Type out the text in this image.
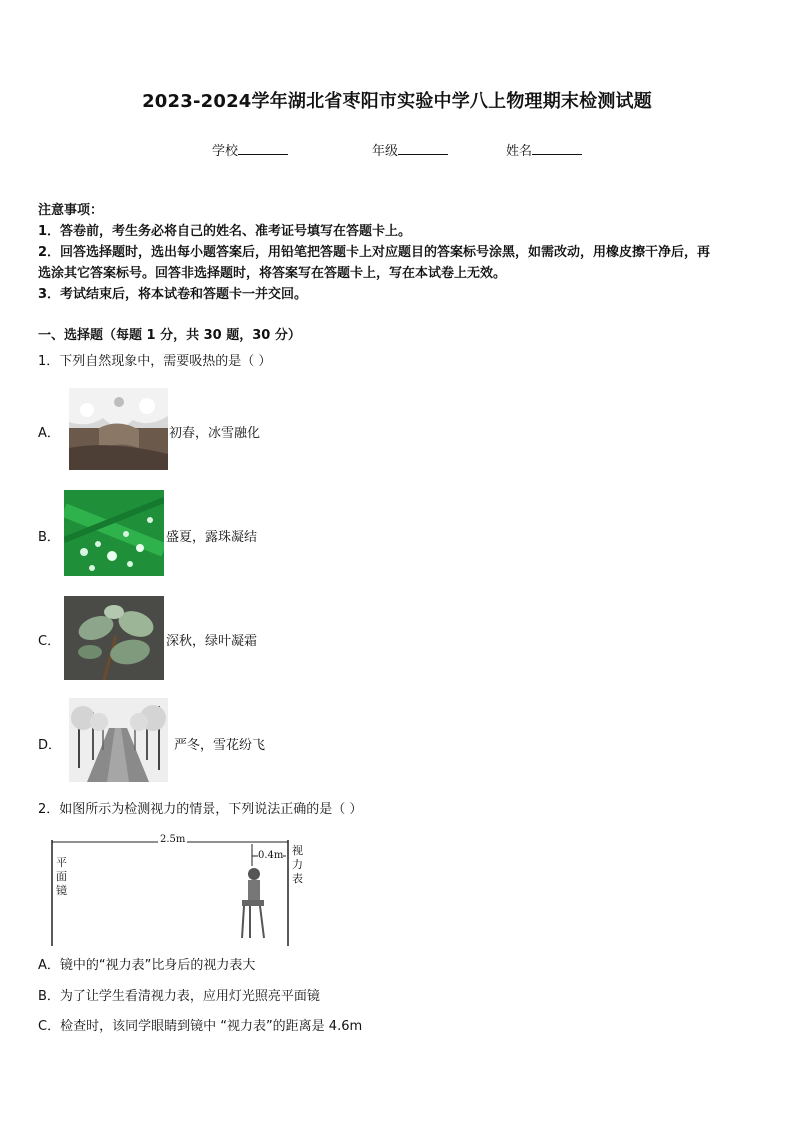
2023-2024学年湖北省枣阳市实验中学八上物理期末检测试题
学校	年级	姓名
注意事项：
1．答卷前，考生务必将自己的姓名、准考证号填写在答题卡上。
2．回答选择题时，选出每小题答案后，用铅笔把答题卡上对应题目的答案标号涂黑，如需改动，用橡皮擦干净后，再
选涂其它答案标号。回答非选择题时，将答案写在答题卡上，写在本试卷上无效。
3．考试结束后，将本试卷和答题卡一并交回。
一、选择题（每题 1 分，共 30 题，30 分）
1．下列自然现象中，需要吸热的是（ ）
A．	初春，冰雪融化
B．	盛夏，露珠凝结
C．	深秋，绿叶凝霜
D．	严冬，雪花纷飞
2．如图所示为检测视力的情景，下列说法正确的是（ ）
2.5m
0.4m
平面镜
视力表
A．镜中的“视力表”比身后的视力表大
B．为了让学生看清视力表，应用灯光照亮平面镜
C．检查时，该同学眼睛到镜中 “视力表”的距离是 4.6m
